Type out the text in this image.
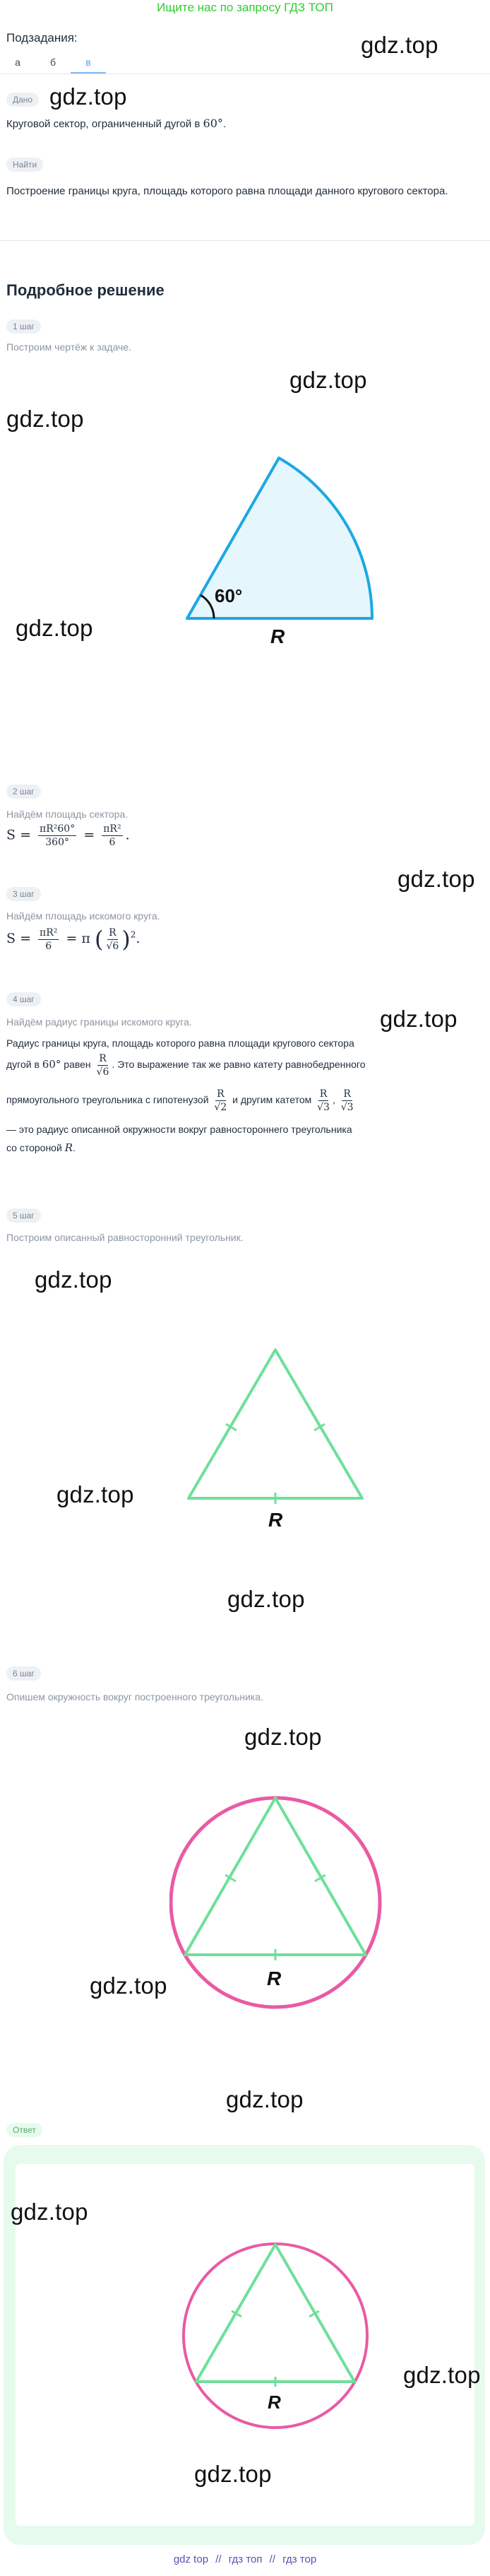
Ищите нас по запросу ГДЗ ТОП
gdz.top
Подзадания:
а	б	в
Дано gdz.top
Круговой сектор, ограниченный дугой в 60°.
Найти
Построение границы круга, площадь которого равна площади данного кругового сектора.
Подробное решение
1 шаг
Построим чертёж к задаче.
gdz.top
gdz.top
gdz.top
60°
R
2 шаг
Найдём площадь сектора.
$S = \frac{\text{πR²60°}}{360^\circ} = \frac{\text{πR²}}{6}$ .
gdz.top
3 шаг
Найдём площадь искомого круга.
$S = \frac{\text{πR²}}{6} = \pi$ ( $\frac{R}{√6} )^2$.
4 шаг
Найдём радиус границы искомого круга.	gdz.top
Радиус границы круга, площадь которого равна площади кругового сектора
дугой в 60° равен $\frac{R}{√6}$ . Это выражение так же равно катету равнобедренного
прямоугольного треугольника с гипотенузой $\frac{R}{√2}$ и другим катетом $\frac{R}{√3}$ , $\frac{R}{√3}$
— это радиус описанной окружности вокруг равностороннего треугольника
со стороной R.
5 шаг
Построим описанный равносторонний треугольник.
gdz.top
gdz.top
gdz.top
R
6 шаг
Опишем окружность вокруг построенного треугольника.
gdz.top
gdz.top
gdz.top
R
Ответ
gdz.top
gdz.top
gdz.top
R
gdz top // гдз топ // гдз тор
